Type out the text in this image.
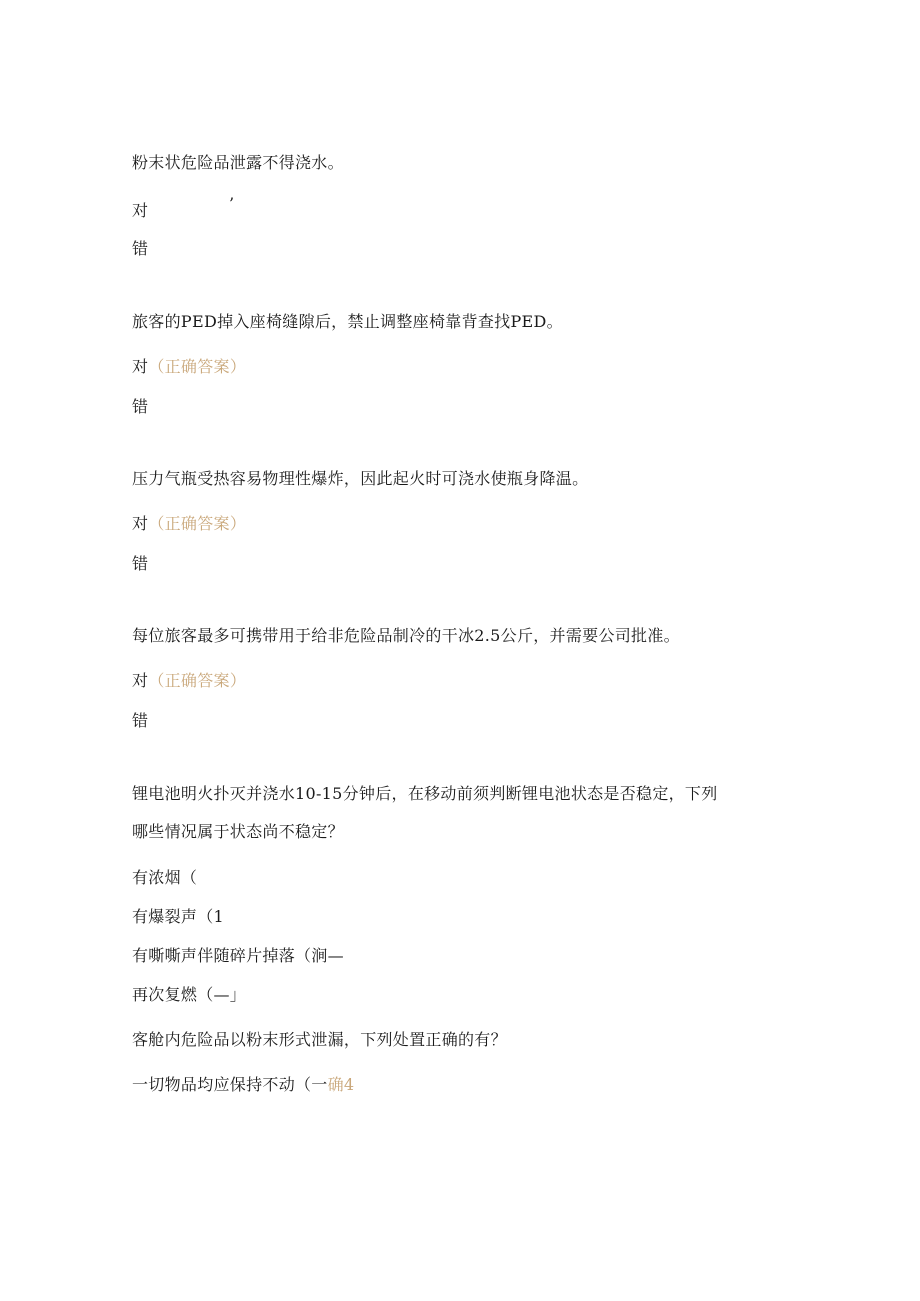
粉末状危险品泄露不得浇水。
对	’
错
旅客的PED掉入座椅缝隙后，禁止调整座椅靠背查找PED。
对（正确答案）
错
压力气瓶受热容易物理性爆炸，因此起火时可浇水使瓶身降温。
对（正确答案）
错
每位旅客最多可携带用于给非危险品制冷的干冰2.5公斤，并需要公司批准。
对（正确答案）
错
锂电池明火扑灭并浇水10-15分钟后，在移动前须判断锂电池状态是否稳定，下列
哪些情况属于状态尚不稳定？
有浓烟（
有爆裂声（1
有嘶嘶声伴随碎片掉落（涧—
再次复燃（—」
客舱内危险品以粉末形式泄漏，下列处置正确的有？
一切物品均应保持不动（一确4
